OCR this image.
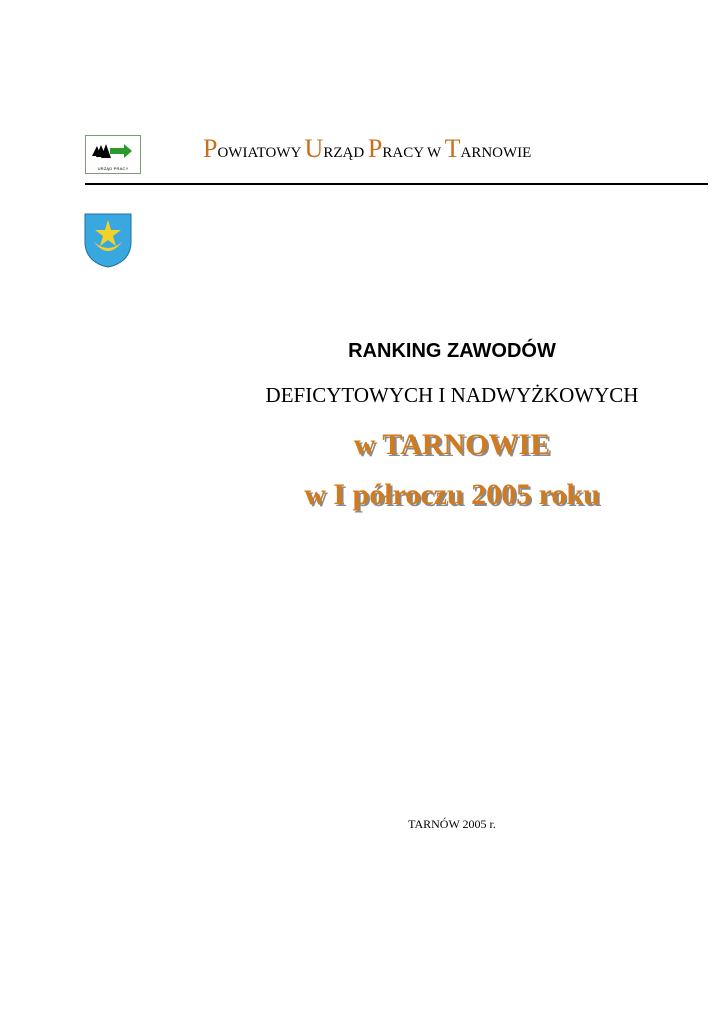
URZĄD PRACY
POWIATOWY URZĄD PRACY W TARNOWIE
RANKING ZAWODÓW
DEFICYTOWYCH I NADWYŻKOWYCH
w TARNOWIE
w I półroczu 2005 roku
TARNÓW 2005 r.
